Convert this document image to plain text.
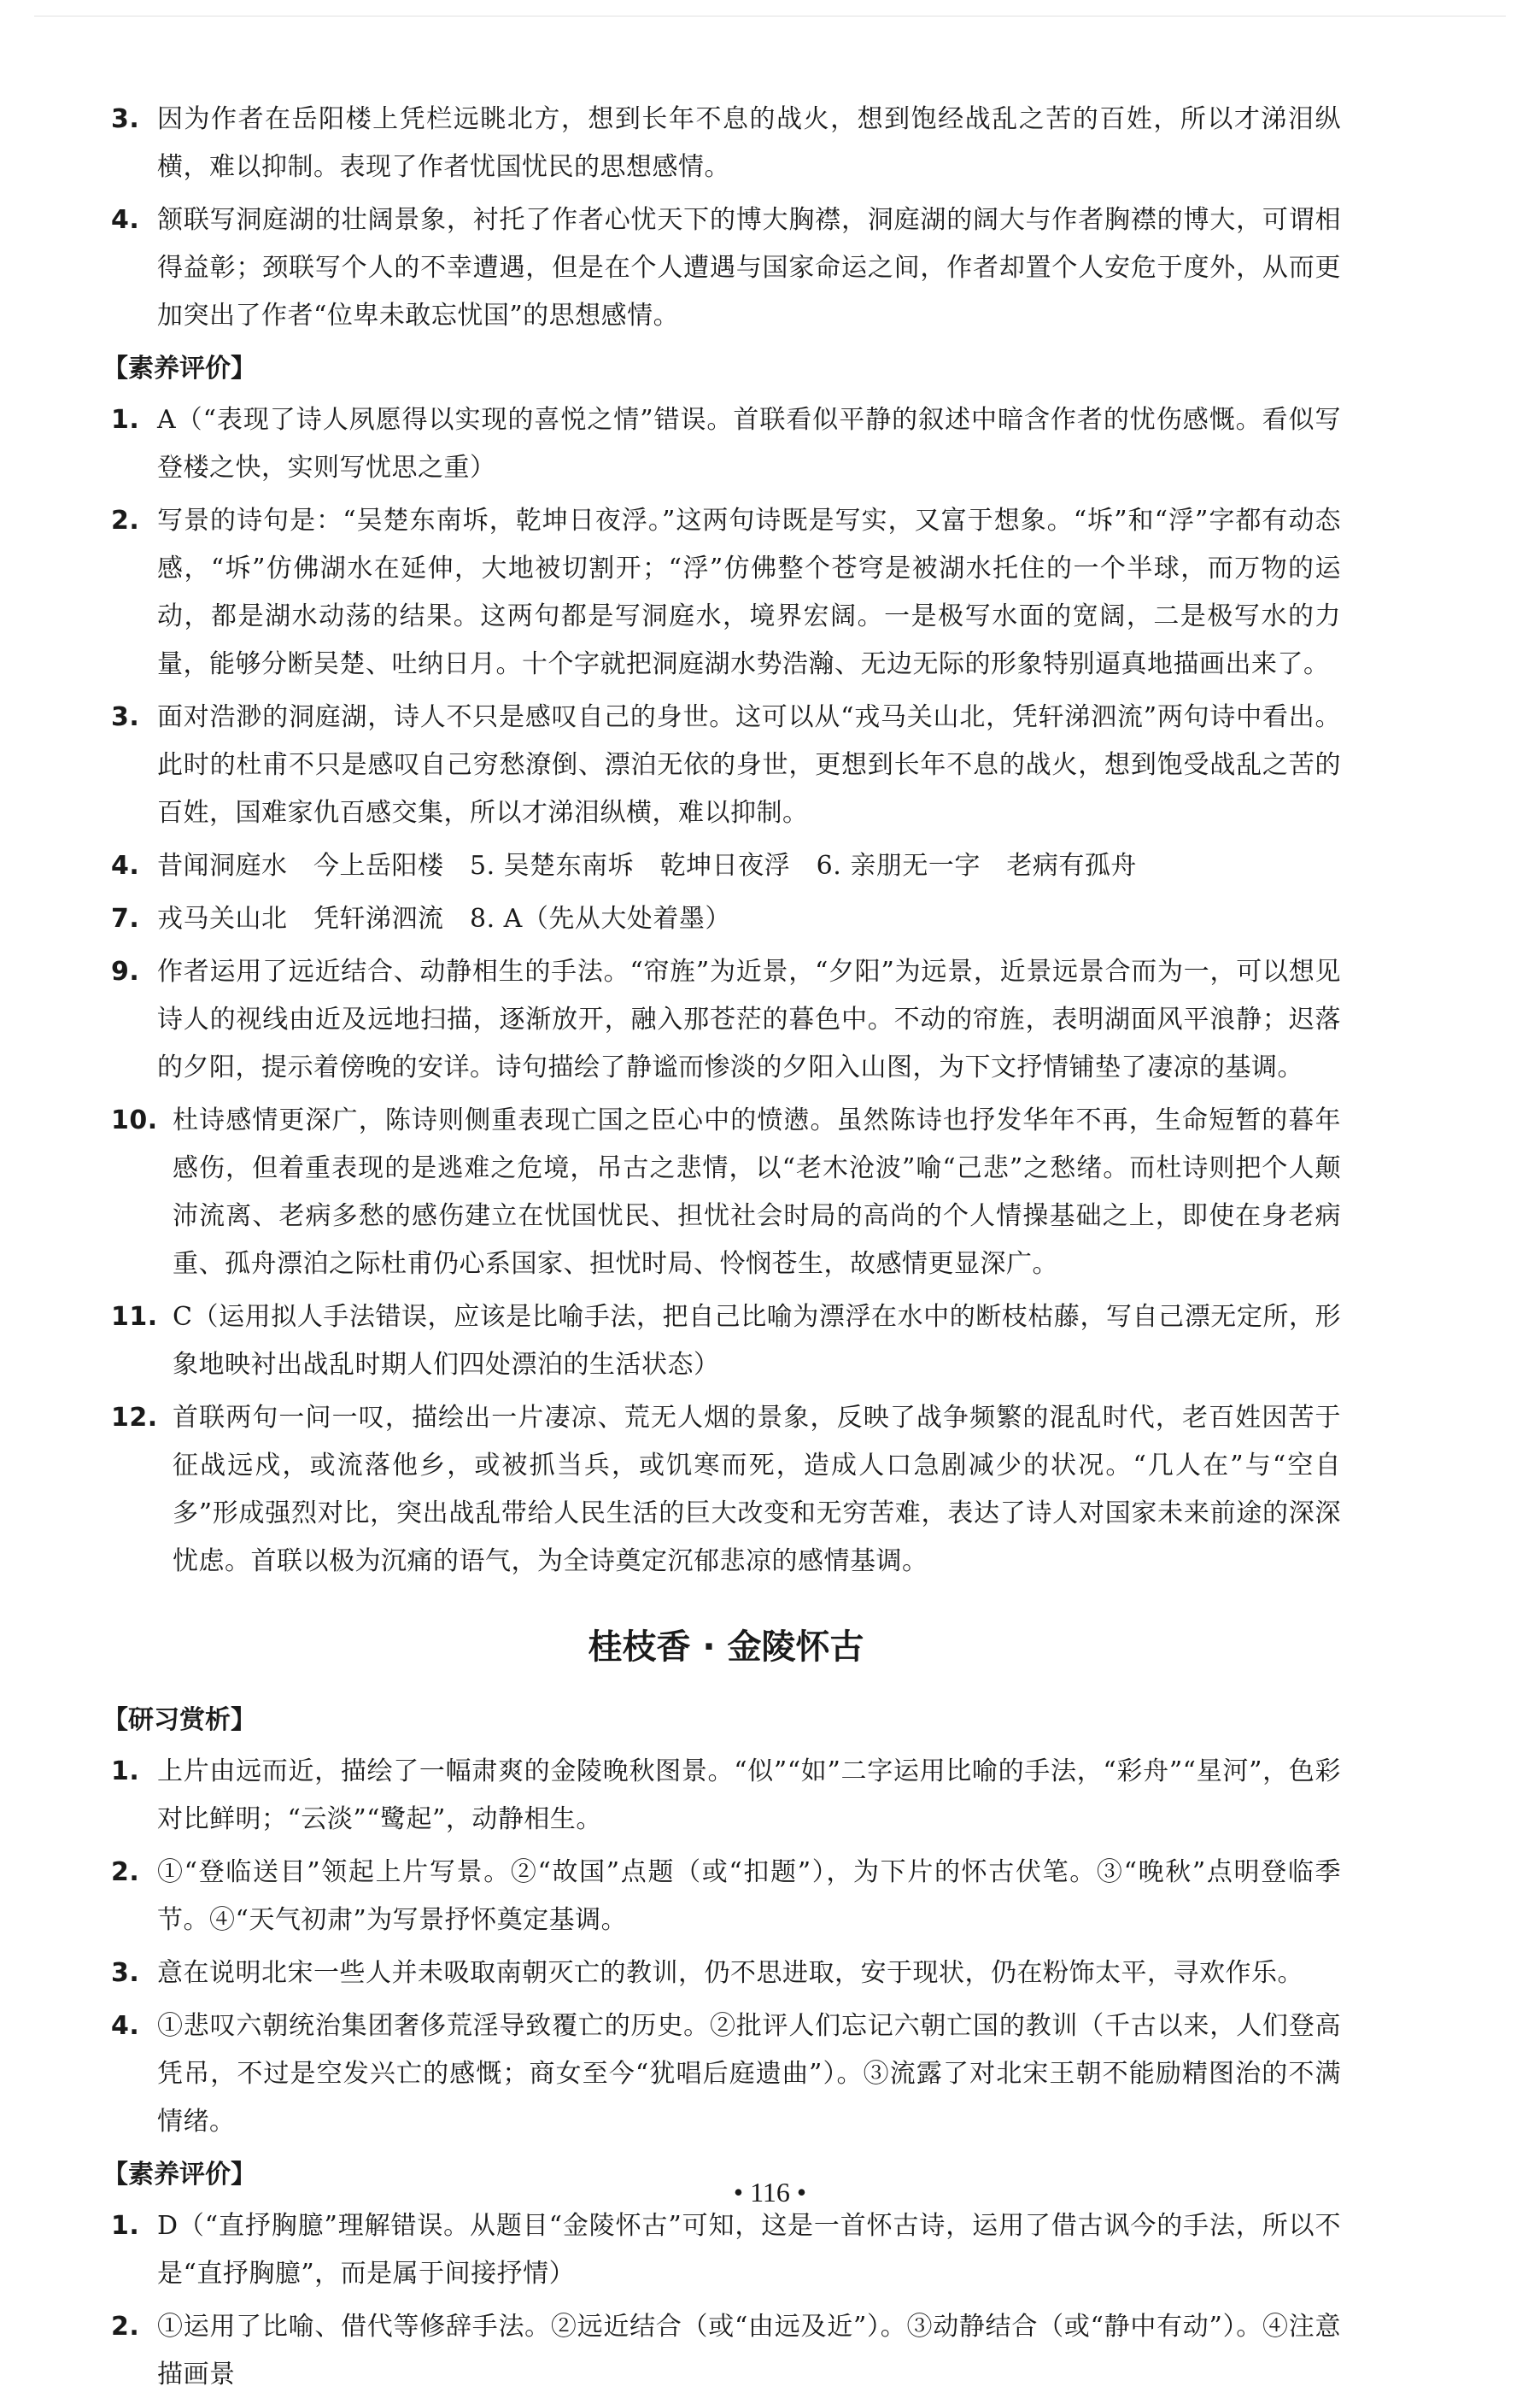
3. 因为作者在岳阳楼上凭栏远眺北方，想到长年不息的战火，想到饱经战乱之苦的百姓，所以才涕泪纵横，难以抑制。表现了作者忧国忧民的思想感情。
4. 颔联写洞庭湖的壮阔景象，衬托了作者心忧天下的博大胸襟，洞庭湖的阔大与作者胸襟的博大，可谓相得益彰；颈联写个人的不幸遭遇，但是在个人遭遇与国家命运之间，作者却置个人安危于度外，从而更加突出了作者“位卑未敢忘忧国”的思想感情。
【素养评价】
1. A（“表现了诗人夙愿得以实现的喜悦之情”错误。首联看似平静的叙述中暗含作者的忧伤感慨。看似写登楼之快，实则写忧思之重）
2. 写景的诗句是：“吴楚东南坼，乾坤日夜浮。”这两句诗既是写实，又富于想象。“坼”和“浮”字都有动态感，“坼”仿佛湖水在延伸，大地被切割开；“浮”仿佛整个苍穹是被湖水托住的一个半球，而万物的运动，都是湖水动荡的结果。这两句都是写洞庭水，境界宏阔。一是极写水面的宽阔，二是极写水的力量，能够分断吴楚、吐纳日月。十个字就把洞庭湖水势浩瀚、无边无际的形象特别逼真地描画出来了。
3. 面对浩渺的洞庭湖，诗人不只是感叹自己的身世。这可以从“戎马关山北，凭轩涕泗流”两句诗中看出。此时的杜甫不只是感叹自己穷愁潦倒、漂泊无依的身世，更想到长年不息的战火，想到饱受战乱之苦的百姓，国难家仇百感交集，所以才涕泪纵横，难以抑制。
4. 昔闻洞庭水　今上岳阳楼　5. 吴楚东南坼　乾坤日夜浮　6. 亲朋无一字　老病有孤舟
7. 戎马关山北　凭轩涕泗流　8. A（先从大处着墨）
9. 作者运用了远近结合、动静相生的手法。“帘旌”为近景，“夕阳”为远景，近景远景合而为一，可以想见诗人的视线由近及远地扫描，逐渐放开，融入那苍茫的暮色中。不动的帘旌，表明湖面风平浪静；迟落的夕阳，提示着傍晚的安详。诗句描绘了静谧而惨淡的夕阳入山图，为下文抒情铺垫了凄凉的基调。
10. 杜诗感情更深广，陈诗则侧重表现亡国之臣心中的愤懑。虽然陈诗也抒发华年不再，生命短暂的暮年感伤，但着重表现的是逃难之危境，吊古之悲情，以“老木沧波”喻“己悲”之愁绪。而杜诗则把个人颠沛流离、老病多愁的感伤建立在忧国忧民、担忧社会时局的高尚的个人情操基础之上，即使在身老病重、孤舟漂泊之际杜甫仍心系国家、担忧时局、怜悯苍生，故感情更显深广。
11. C（运用拟人手法错误，应该是比喻手法，把自己比喻为漂浮在水中的断枝枯藤，写自己漂无定所，形象地映衬出战乱时期人们四处漂泊的生活状态）
12. 首联两句一问一叹，描绘出一片凄凉、荒无人烟的景象，反映了战争频繁的混乱时代，老百姓因苦于征战远戍，或流落他乡，或被抓当兵，或饥寒而死，造成人口急剧减少的状况。“几人在”与“空自多”形成强烈对比，突出战乱带给人民生活的巨大改变和无穷苦难，表达了诗人对国家未来前途的深深忧虑。首联以极为沉痛的语气，为全诗奠定沉郁悲凉的感情基调。
桂枝香 · 金陵怀古
【研习赏析】
1. 上片由远而近，描绘了一幅肃爽的金陵晚秋图景。“似”“如”二字运用比喻的手法，“彩舟”“星河”，色彩对比鲜明；“云淡”“鹭起”，动静相生。
2. ①“登临送目”领起上片写景。②“故国”点题（或“扣题”），为下片的怀古伏笔。③“晚秋”点明登临季节。④“天气初肃”为写景抒怀奠定基调。
3. 意在说明北宋一些人并未吸取南朝灭亡的教训，仍不思进取，安于现状，仍在粉饰太平，寻欢作乐。
4. ①悲叹六朝统治集团奢侈荒淫导致覆亡的历史。②批评人们忘记六朝亡国的教训（千古以来，人们登高凭吊，不过是空发兴亡的感慨；商女至今“犹唱后庭遗曲”）。③流露了对北宋王朝不能励精图治的不满情绪。
【素养评价】
1. D（“直抒胸臆”理解错误。从题目“金陵怀古”可知，这是一首怀古诗，运用了借古讽今的手法，所以不是“直抒胸臆”，而是属于间接抒情）
2. ①运用了比喻、借代等修辞手法。②远近结合（或“由远及近”）。③动静结合（或“静中有动”）。④注意描画景
• 116 •
